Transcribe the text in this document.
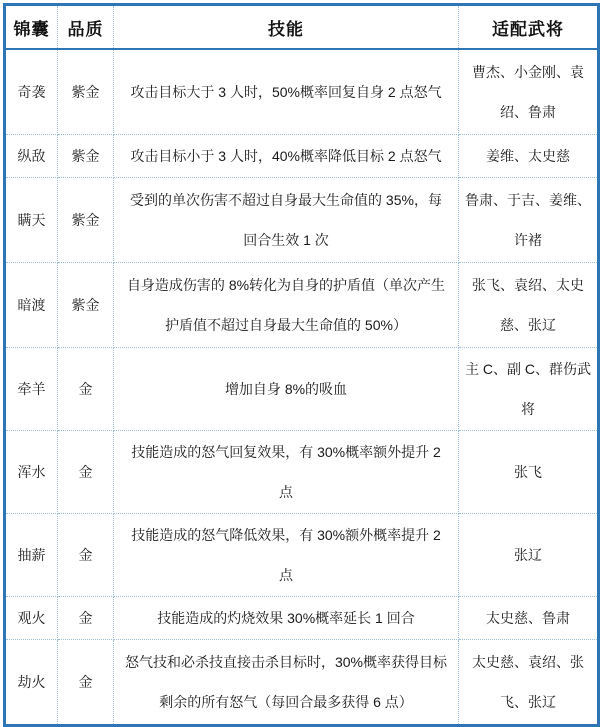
锦囊	品质	技能	适配武将
奇袭	紫金	攻击目标大于 3 人时，50%概率回复自身 2 点怒气	曹杰、小金刚、袁绍、鲁肃
纵敌	紫金	攻击目标小于 3 人时，40%概率降低目标 2 点怒气	姜维、太史慈
瞒天	紫金	受到的单次伤害不超过自身最大生命值的 35%，每回合生效 1 次	鲁肃、于吉、姜维、许褚
暗渡	紫金	自身造成伤害的 8%转化为自身的护盾值（单次产生护盾值不超过自身最大生命值的 50%）	张飞、袁绍、太史慈、张辽
牵羊	金	增加自身 8%的吸血	主 C、副 C、群伤武将
浑水	金	技能造成的怒气回复效果，有 30%概率额外提升 2 点	张飞
抽薪	金	技能造成的怒气降低效果，有 30%额外概率提升 2 点	张辽
观火	金	技能造成的灼烧效果 30%概率延长 1 回合	太史慈、鲁肃
劫火	金	怒气技和必杀技直接击杀目标时，30%概率获得目标剩余的所有怒气（每回合最多获得 6 点）	太史慈、袁绍、张飞、张辽
